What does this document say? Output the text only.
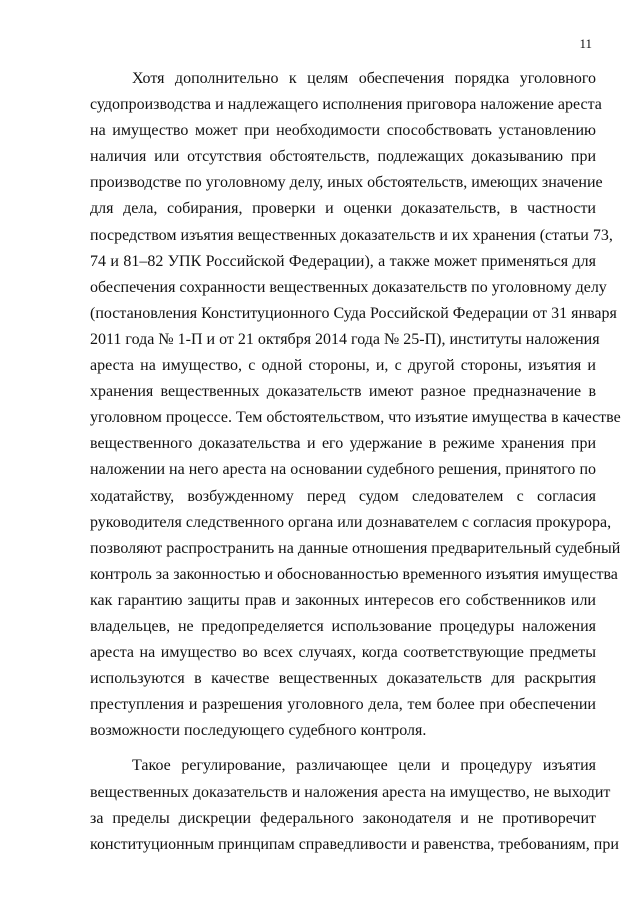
11
Хотя дополнительно к целям обеспечения порядка уголовного
судопроизводства и надлежащего исполнения приговора наложение ареста
на имущество может при необходимости способствовать установлению
наличия или отсутствия обстоятельств, подлежащих доказыванию при
производстве по уголовному делу, иных обстоятельств, имеющих значение
для дела, собирания, проверки и оценки доказательств, в частности
посредством изъятия вещественных доказательств и их хранения (статьи 73,
74 и 81–82 УПК Российской Федерации), а также может применяться для
обеспечения сохранности вещественных доказательств по уголовному делу
(постановления Конституционного Суда Российской Федерации от 31 января
2011 года № 1-П и от 21 октября 2014 года № 25-П), институты наложения
ареста на имущество, с одной стороны, и, с другой стороны, изъятия и
хранения вещественных доказательств имеют разное предназначение в
уголовном процессе. Тем обстоятельством, что изъятие имущества в качестве
вещественного доказательства и его удержание в режиме хранения при
наложении на него ареста на основании судебного решения, принятого по
ходатайству, возбужденному перед судом следователем с согласия
руководителя следственного органа или дознавателем с согласия прокурора,
позволяют распространить на данные отношения предварительный судебный
контроль за законностью и обоснованностью временного изъятия имущества
как гарантию защиты прав и законных интересов его собственников или
владельцев, не предопределяется использование процедуры наложения
ареста на имущество во всех случаях, когда соответствующие предметы
используются в качестве вещественных доказательств для раскрытия
преступления и разрешения уголовного дела, тем более при обеспечении
возможности последующего судебного контроля.
Такое регулирование, различающее цели и процедуру изъятия
вещественных доказательств и наложения ареста на имущество, не выходит
за пределы дискреции федерального законодателя и не противоречит
конституционным принципам справедливости и равенства, требованиям, при
